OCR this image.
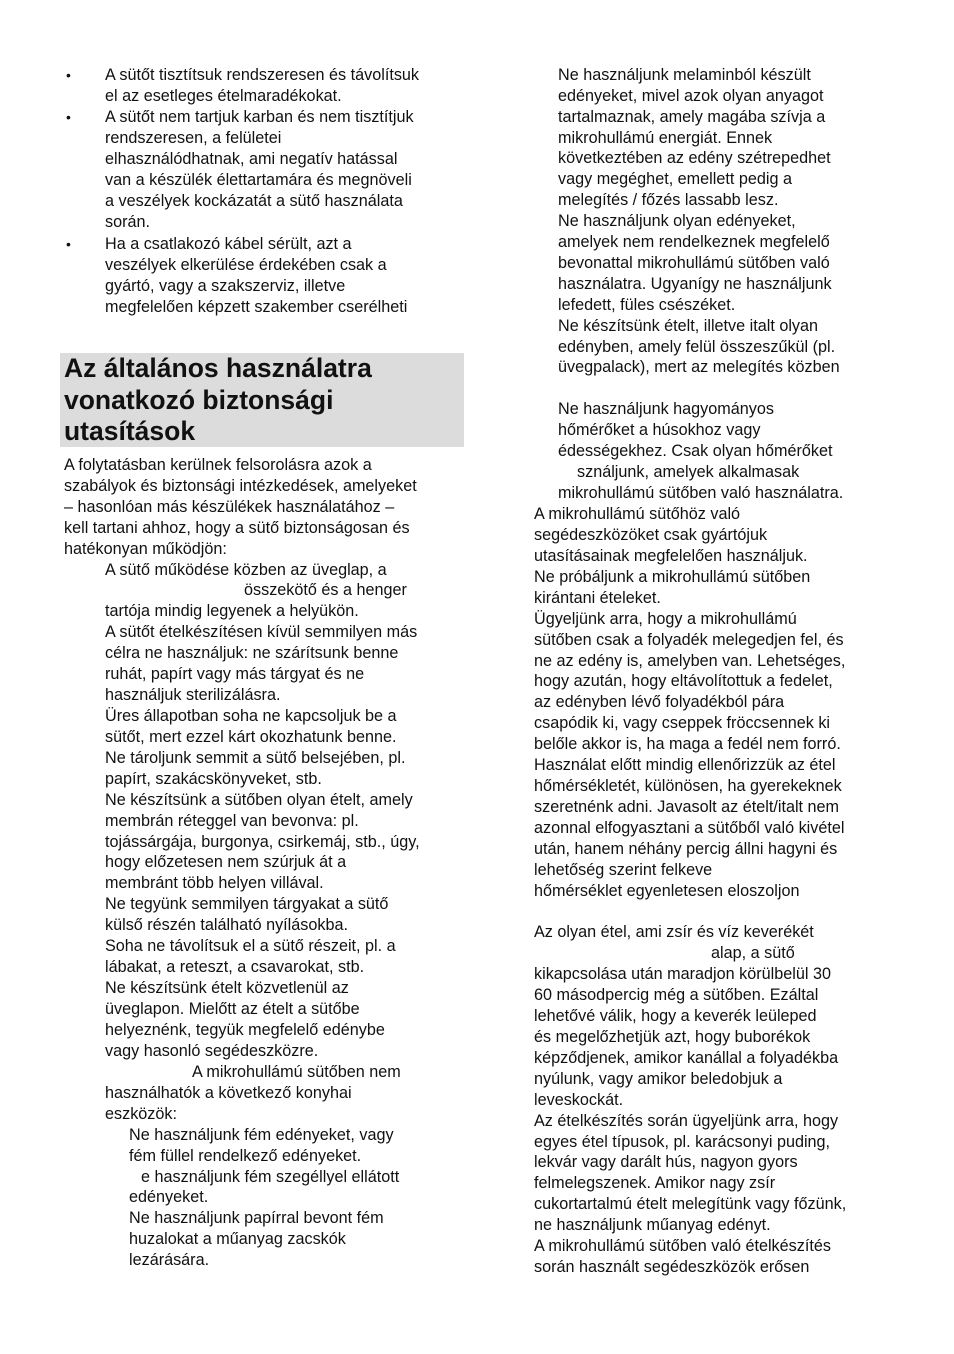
• A sütőt tisztítsuk rendszeresen és távolítsuk
el az esetleges ételmaradékokat.
• A sütőt nem tartjuk karban és nem tisztítjuk
rendszeresen, a felületei
elhasználódhatnak, ami negatív hatással
van a készülék élettartamára és megnöveli
a veszélyek kockázatát a sütő használata
során.
• Ha a csatlakozó kábel sérült, azt a
veszélyek elkerülése érdekében csak a
gyártó, vagy a szakszerviz, illetve
megfelelően képzett szakember cserélheti
Az általános használatra
vonatkozó biztonsági
utasítások
A folytatásban kerülnek felsorolásra azok a
szabályok és biztonsági intézkedések, amelyeket
– hasonlóan más készülékek használatához –
kell tartani ahhoz, hogy a sütő biztonságosan és
hatékonyan működjön:
A sütő működése közben az üveglap, a
összekötő és a henger
tartója mindig legyenek a helyükön.
A sütőt ételkészítésen kívül semmilyen más
célra ne használjuk: ne szárítsunk benne
ruhát, papírt vagy más tárgyat és ne
használjuk sterilizálásra.
Üres állapotban soha ne kapcsoljuk be a
sütőt, mert ezzel kárt okozhatunk benne.
Ne tároljunk semmit a sütő belsejében, pl.
papírt, szakácskönyveket, stb.
Ne készítsünk a sütőben olyan ételt, amely
membrán réteggel van bevonva: pl.
tojássárgája, burgonya, csirkemáj, stb., úgy,
hogy előzetesen nem szúrjuk át a
membránt több helyen villával.
Ne tegyünk semmilyen tárgyakat a sütő
külső részén található nyílásokba.
Soha ne távolítsuk el a sütő részeit, pl. a
lábakat, a reteszt, a csavarokat, stb.
Ne készítsünk ételt közvetlenül az
üveglapon. Mielőtt az ételt a sütőbe
helyeznénk, tegyük megfelelő edénybe
vagy hasonló segédeszközre.
A mikrohullámú sütőben nem
használhatók a következő konyhai
eszközök:
Ne használjunk fém edényeket, vagy
fém füllel rendelkező edényeket.
e használjunk fém szegéllyel ellátott
edényeket.
Ne használjunk papírral bevont fém
huzalokat a műanyag zacskók
lezárására.
Ne használjunk melaminból készült
edényeket, mivel azok olyan anyagot
tartalmaznak, amely magába szívja a
mikrohullámú energiát. Ennek
következtében az edény szétrepedhet
vagy megéghet, emellett pedig a
melegítés / főzés lassabb lesz.
Ne használjunk olyan edényeket,
amelyek nem rendelkeznek megfelelő
bevonattal mikrohullámú sütőben való
használatra. Ugyanígy ne használjunk
lefedett, füles csészéket.
Ne készítsünk ételt, illetve italt olyan
edényben, amely felül összeszűkül (pl.
üvegpalack), mert az melegítés közben
Ne használjunk hagyományos
hőmérőket a húsokhoz vagy
édességekhez. Csak olyan hőmérőket
sználjunk, amelyek alkalmasak
mikrohullámú sütőben való használatra.
A mikrohullámú sütőhöz való
segédeszközöket csak gyártójuk
utasításainak megfelelően használjuk.
Ne próbáljunk a mikrohullámú sütőben
kirántani ételeket.
Ügyeljünk arra, hogy a mikrohullámú
sütőben csak a folyadék melegedjen fel, és
ne az edény is, amelyben van. Lehetséges,
hogy azután, hogy eltávolítottuk a fedelet,
az edényben lévő folyadékból pára
csapódik ki, vagy cseppek fröccsennek ki
belőle akkor is, ha maga a fedél nem forró.
Használat előtt mindig ellenőrizzük az étel
hőmérsékletét, különösen, ha gyerekeknek
szeretnénk adni. Javasolt az ételt/italt nem
azonnal elfogyasztani a sütőből való kivétel
után, hanem néhány percig állni hagyni és
lehetőség szerint felkeve
hőmérséklet egyenletesen eloszoljon
Az olyan étel, ami zsír és víz keverékét
alap, a sütő
kikapcsolása után maradjon körülbelül 30
60 másodpercig még a sütőben. Ezáltal
lehetővé válik, hogy a keverék leüleped
és megelőzhetjük azt, hogy buborékok
képződjenek, amikor kanállal a folyadékba
nyúlunk, vagy amikor beledobjuk a
leveskockát.
Az ételkészítés során ügyeljünk arra, hogy
egyes étel típusok, pl. karácsonyi puding,
lekvár vagy darált hús, nagyon gyors
felmelegszenek. Amikor nagy zsír
cukortartalmú ételt melegítünk vagy főzünk,
ne használjunk műanyag edényt.
A mikrohullámú sütőben való ételkészítés
során használt segédeszközök erősen
